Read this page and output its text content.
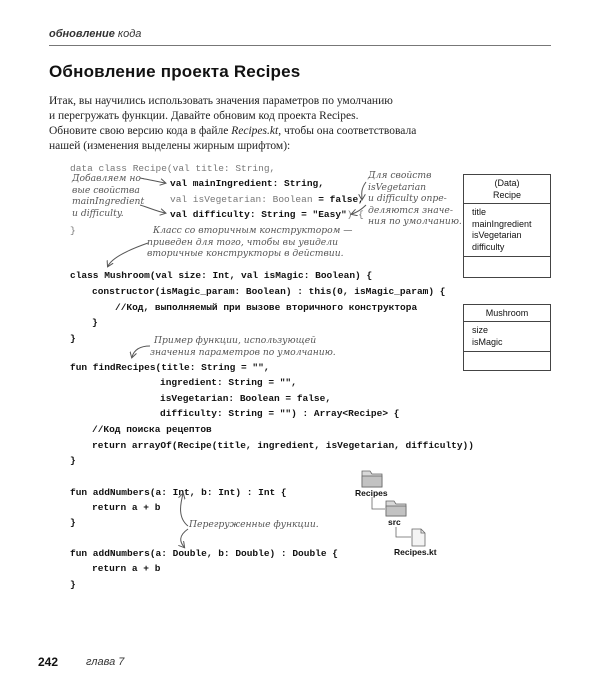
обновление кода
Обновление проекта Recipes
Итак, вы научились использовать значения параметров по умолчанию
и перегружать функции. Давайте обновим код проекта Recipes.
Обновите свою версию кода в файле Recipes.kt, чтобы она соответствовала
нашей (изменения выделены жирным шрифтом):
data class Recipe(val title: String,
val mainIngredient: String,
val isVegetarian: Boolean = false,
val difficulty: String = "Easy") {
}
class Mushroom(val size: Int, val isMagic: Boolean) {
constructor(isMagic_param: Boolean) : this(0, isMagic_param) {
//Код, выполняемый при вызове вторичного конструктора
}
}
fun findRecipes(title: String = "",
ingredient: String = "",
isVegetarian: Boolean = false,
difficulty: String = "") : Array<Recipe> {
//Код поиска рецептов
return arrayOf(Recipe(title, ingredient, isVegetarian, difficulty))
}
fun addNumbers(a: Int, b: Int) : Int {
return a + b
}
fun addNumbers(a: Double, b: Double) : Double {
return a + b
}
Добавляем но-
вые свойства
mainIngredient
и difficulty.
Для свойств
isVegetarian
и difficulty опре-
деляются значе-
ния по умолчанию.
Класс со вторичным конструктором —
приведен для того, чтобы вы увидели
вторичные конструкторы в действии.
Пример функции, использующей
значения параметров по умолчанию.
Перегруженные функции.
(Data)
Recipe
title
mainIngredient
isVegetarian
difficulty
Mushroom
size
isMagic
Recipes
src
Recipes.kt
242	глава 7
